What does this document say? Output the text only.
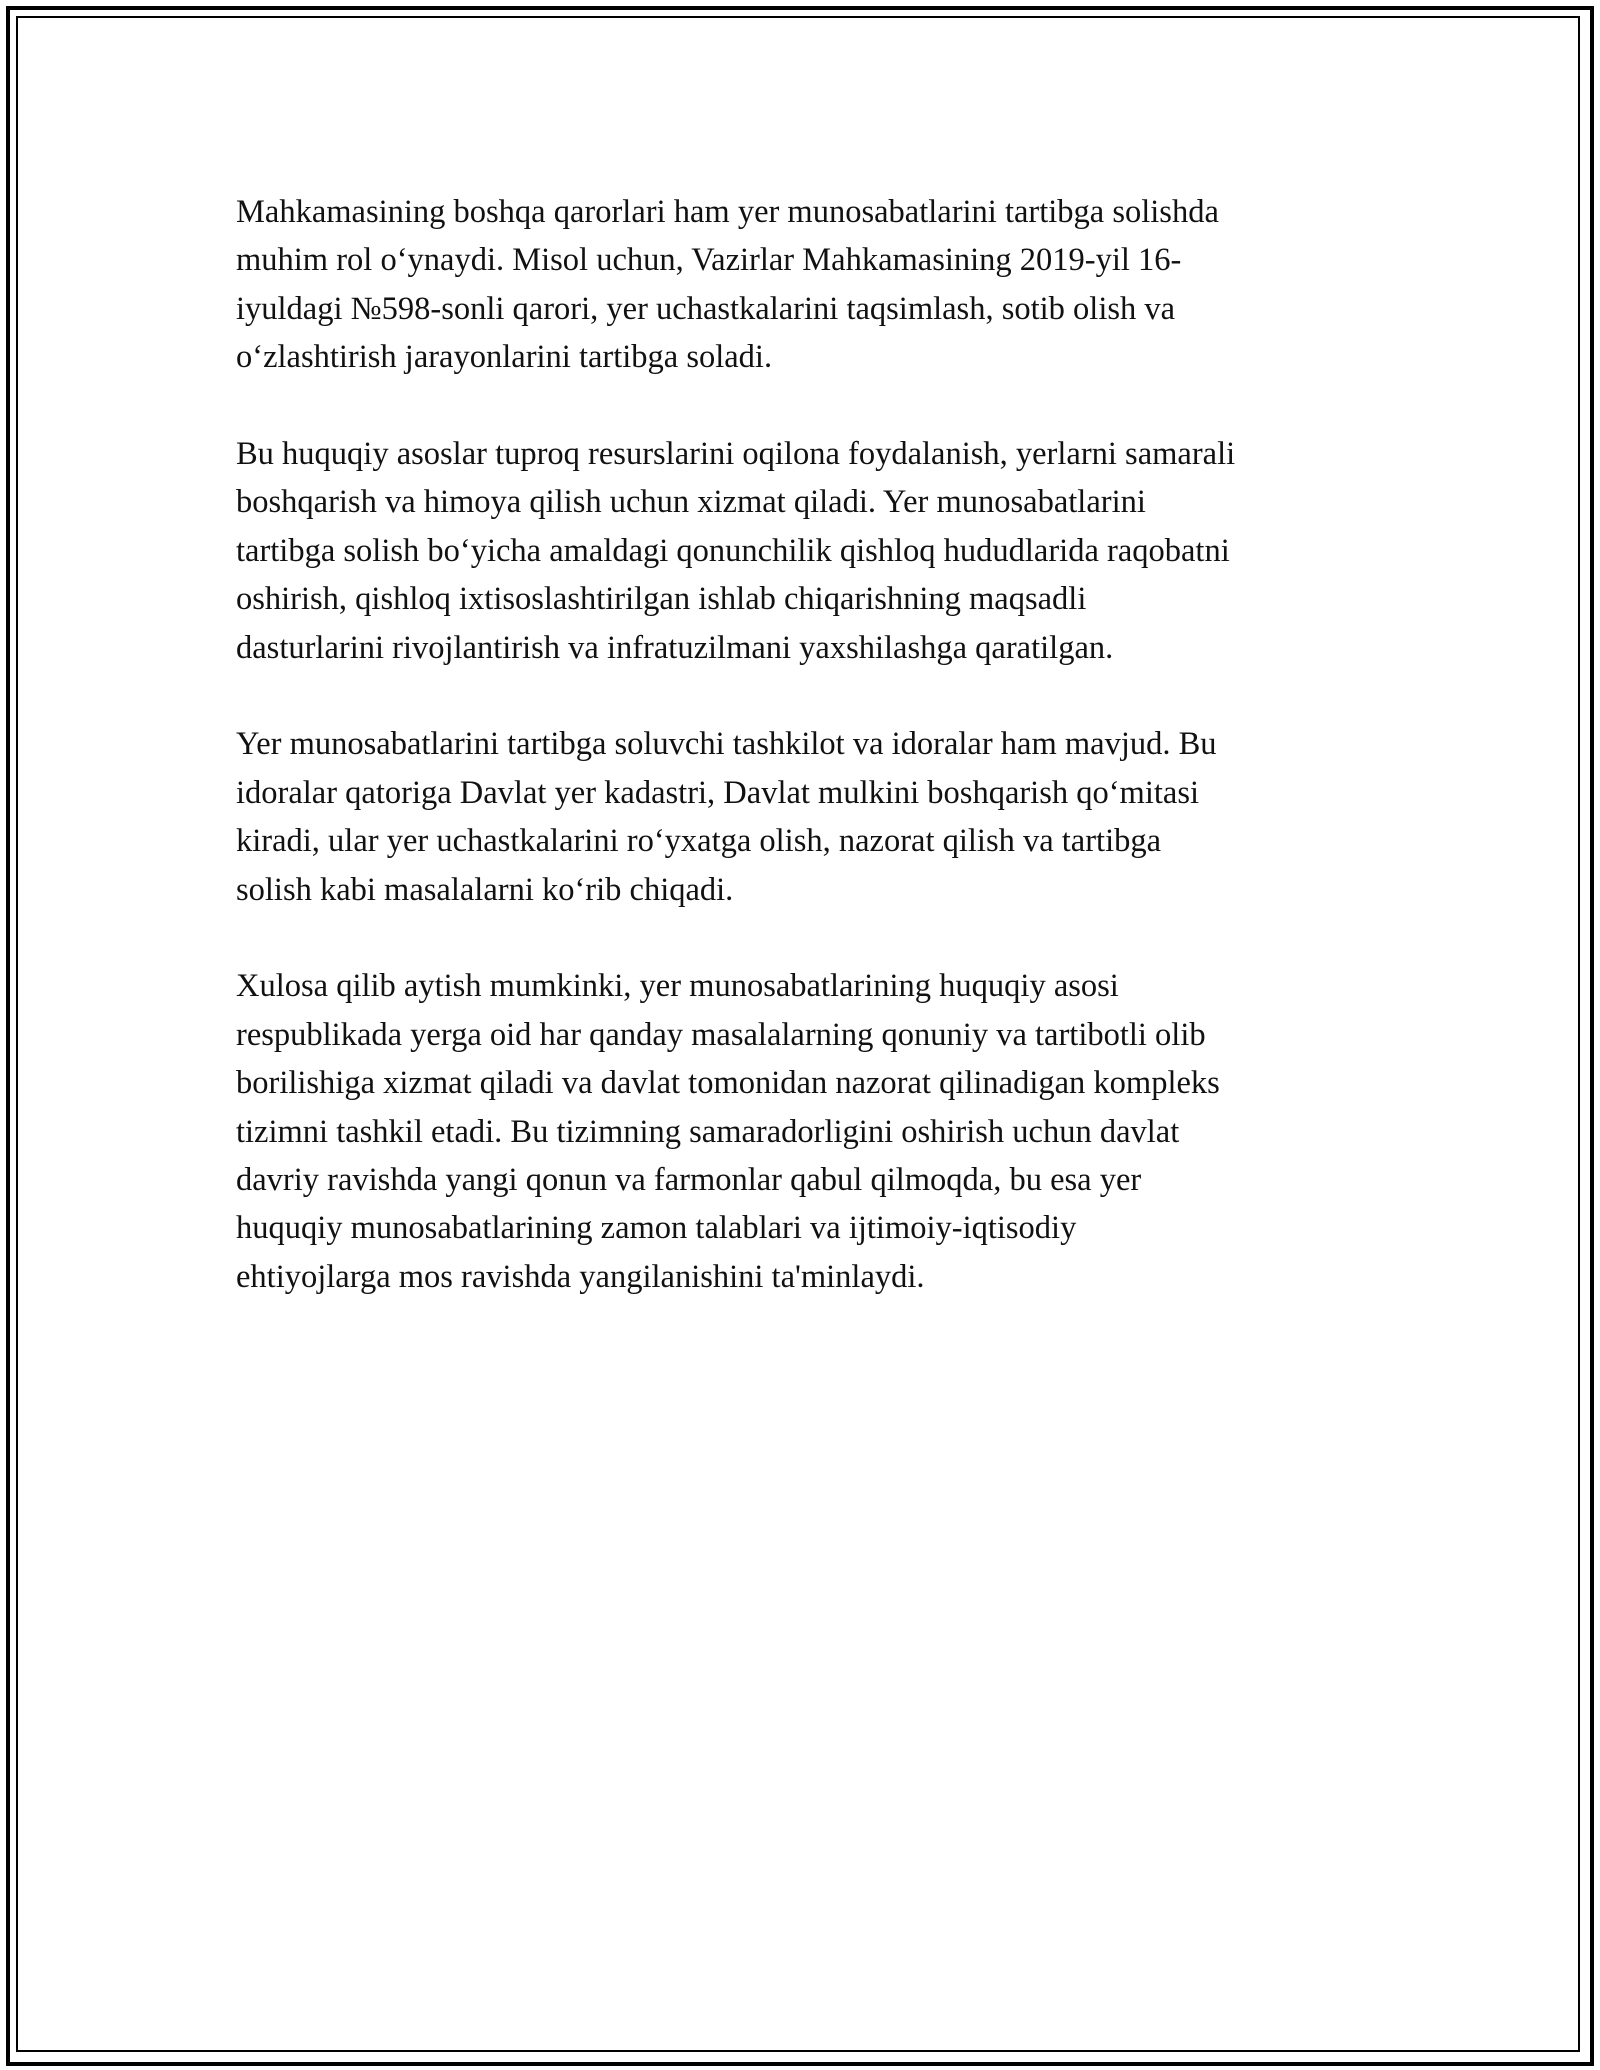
Mahkamasining boshqa qarorlari ham yer munosabatlarini tartibga solishda
muhim rol o‘ynaydi. Misol uchun, Vazirlar Mahkamasining 2019-yil 16-
iyuldagi №598-sonli qarori, yer uchastkalarini taqsimlash, sotib olish va
o‘zlashtirish jarayonlarini tartibga soladi.

Bu huquqiy asoslar tuproq resurslarini oqilona foydalanish, yerlarni samarali
boshqarish va himoya qilish uchun xizmat qiladi. Yer munosabatlarini
tartibga solish bo‘yicha amaldagi qonunchilik qishloq hududlarida raqobatni
oshirish, qishloq ixtisoslashtirilgan ishlab chiqarishning maqsadli
dasturlarini rivojlantirish va infratuzilmani yaxshilashga qaratilgan.

Yer munosabatlarini tartibga soluvchi tashkilot va idoralar ham mavjud. Bu
idoralar qatoriga Davlat yer kadastri, Davlat mulkini boshqarish qo‘mitasi
kiradi, ular yer uchastkalarini ro‘yxatga olish, nazorat qilish va tartibga
solish kabi masalalarni ko‘rib chiqadi.

Xulosa qilib aytish mumkinki, yer munosabatlarining huquqiy asosi
respublikada yerga oid har qanday masalalarning qonuniy va tartibotli olib
borilishiga xizmat qiladi va davlat tomonidan nazorat qilinadigan kompleks
tizimni tashkil etadi. Bu tizimning samaradorligini oshirish uchun davlat
davriy ravishda yangi qonun va farmonlar qabul qilmoqda, bu esa yer
huquqiy munosabatlarining zamon talablari va ijtimoiy-iqtisodiy
ehtiyojlarga mos ravishda yangilanishini ta'minlaydi.
